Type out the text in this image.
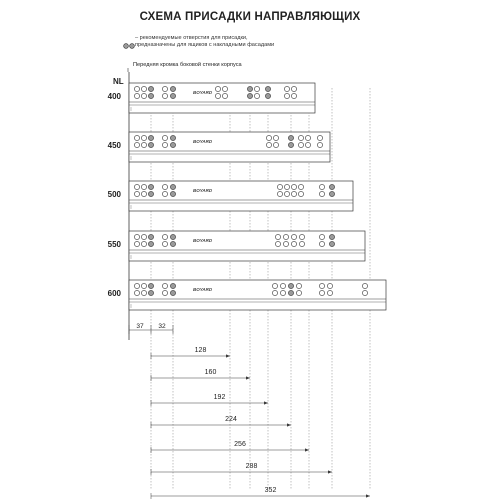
СХЕМА ПРИСАДКИ НАПРАВЛЯЮЩИХ
– рекомендуемые отверстия для присадки,
предназначены для ящиков с накладными фасадами
Передняя кромка боковой стенки корпуса
NL
400	BOYARD
450	BOYARD
500	BOYARD
550	BOYARD
600	BOYARD
37 32
128
160
192
224
256
288
352
